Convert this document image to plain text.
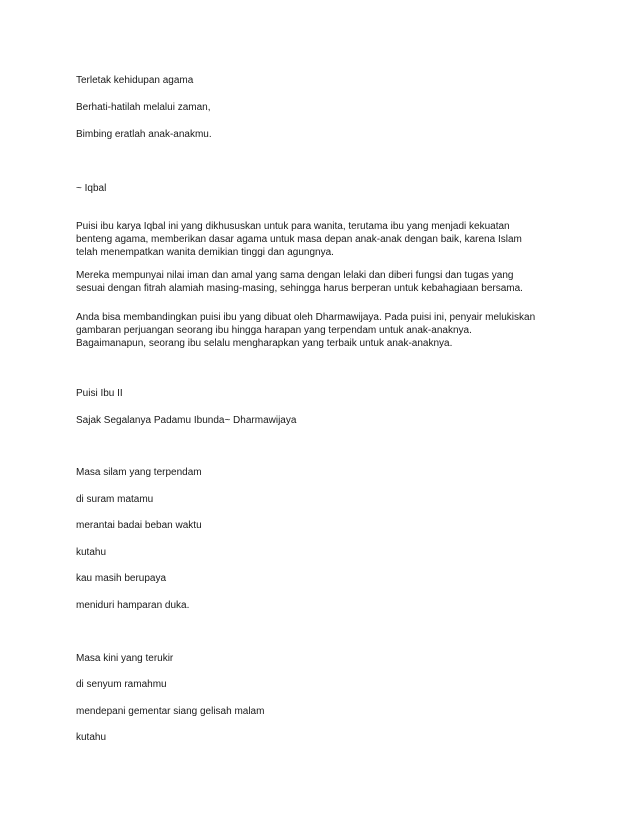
Terletak kehidupan agama
Berhati-hatilah melalui zaman,
Bimbing eratlah anak-anakmu.
~ Iqbal
Puisi ibu karya Iqbal ini yang dikhususkan untuk para wanita, terutama ibu yang menjadi kekuatan
benteng agama, memberikan dasar agama untuk masa depan anak-anak dengan baik, karena Islam
telah menempatkan wanita demikian tinggi dan agungnya.
Mereka mempunyai nilai iman dan amal yang sama dengan lelaki dan diberi fungsi dan tugas yang
sesuai dengan fitrah alamiah masing-masing, sehingga harus berperan untuk kebahagiaan bersama.
Anda bisa membandingkan puisi ibu yang dibuat oleh Dharmawijaya. Pada puisi ini, penyair melukiskan
gambaran perjuangan seorang ibu hingga harapan yang terpendam untuk anak-anaknya.
Bagaimanapun, seorang ibu selalu mengharapkan yang terbaik untuk anak-anaknya.
Puisi Ibu II
Sajak Segalanya Padamu Ibunda~ Dharmawijaya
Masa silam yang terpendam
di suram matamu
merantai badai beban waktu
kutahu
kau masih berupaya
meniduri hamparan duka.
Masa kini yang terukir
di senyum ramahmu
mendepani gementar siang gelisah malam
kutahu
